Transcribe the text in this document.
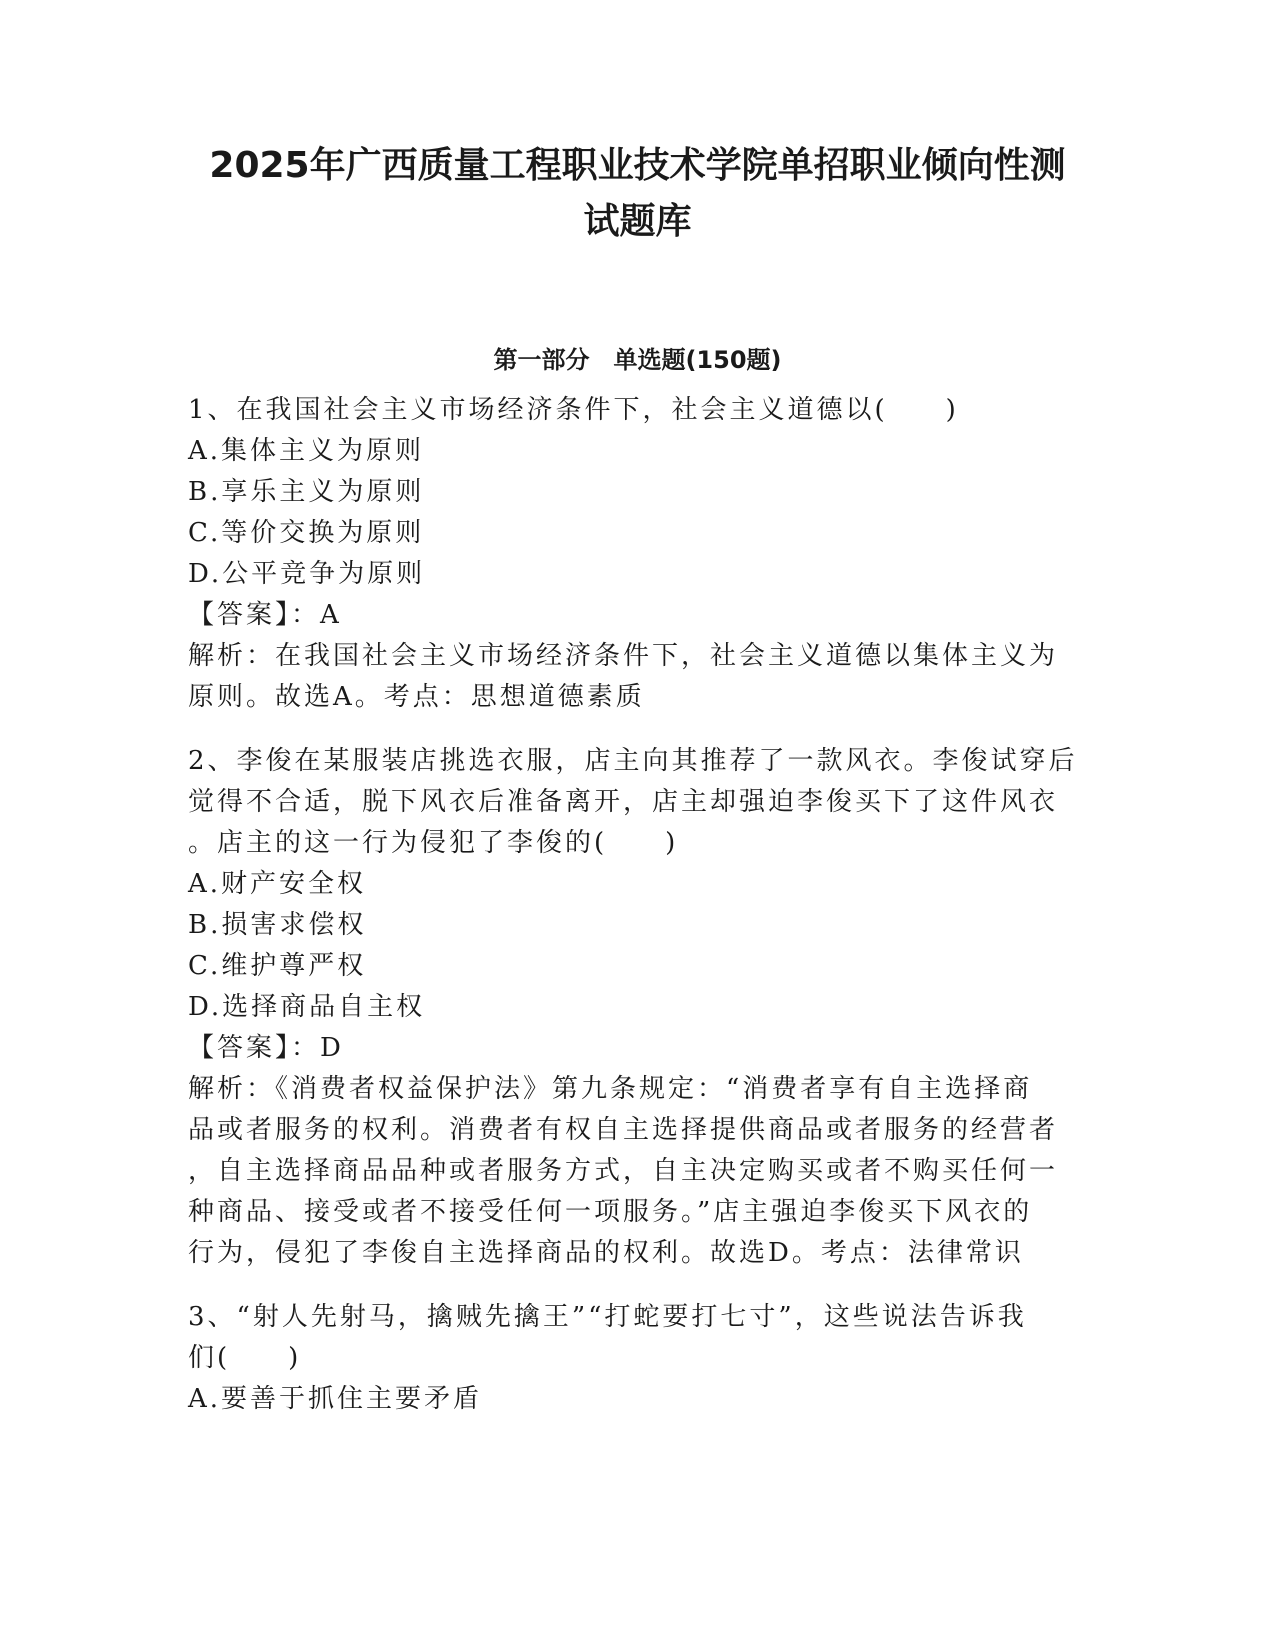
2025年广西质量工程职业技术学院单招职业倾向性测
试题库
第一部分　单选题(150题)

1、在我国社会主义市场经济条件下，社会主义道德以(　　)

A.集体主义为原则

B.享乐主义为原则

C.等价交换为原则

D.公平竞争为原则

【答案】：A

解析：在我国社会主义市场经济条件下，社会主义道德以集体主义为

原则。故选A。考点：思想道德素质

2、李俊在某服装店挑选衣服，店主向其推荐了一款风衣。李俊试穿后

觉得不合适，脱下风衣后准备离开，店主却强迫李俊买下了这件风衣

。店主的这一行为侵犯了李俊的(　　)

A.财产安全权

B.损害求偿权

C.维护尊严权

D.选择商品自主权

【答案】：D

解析：《消费者权益保护法》第九条规定：“消费者享有自主选择商

品或者服务的权利。消费者有权自主选择提供商品或者服务的经营者

，自主选择商品品种或者服务方式，自主决定购买或者不购买任何一

种商品、接受或者不接受任何一项服务。”店主强迫李俊买下风衣的

行为，侵犯了李俊自主选择商品的权利。故选D。考点：法律常识

3、“射人先射马，擒贼先擒王”“打蛇要打七寸”，这些说法告诉我

们(　　)

A.要善于抓住主要矛盾
